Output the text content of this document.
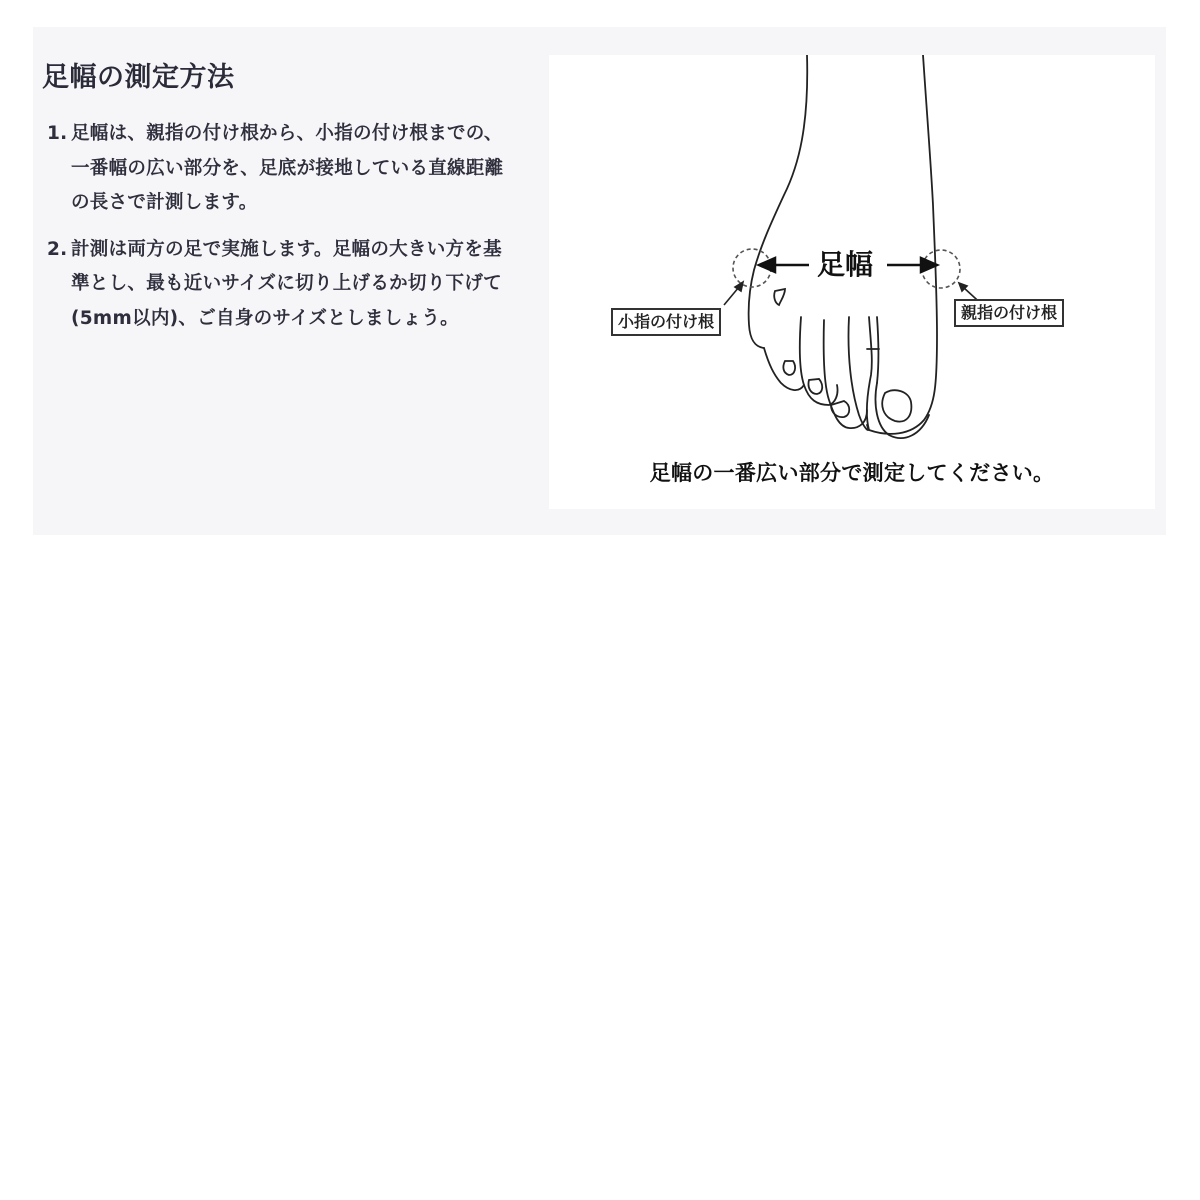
足幅の測定方法
1. 足幅は、親指の付け根から、小指の付け根までの、一番幅の広い部分を、足底が接地している直線距離の長さで計測します。
2. 計測は両方の足で実施します。足幅の大きい方を基準とし、最も近いサイズに切り上げるか切り下げて(5mm以内)、ご自身のサイズとしましょう。
足幅
小指の付け根	親指の付け根
足幅の一番広い部分で測定してください。
